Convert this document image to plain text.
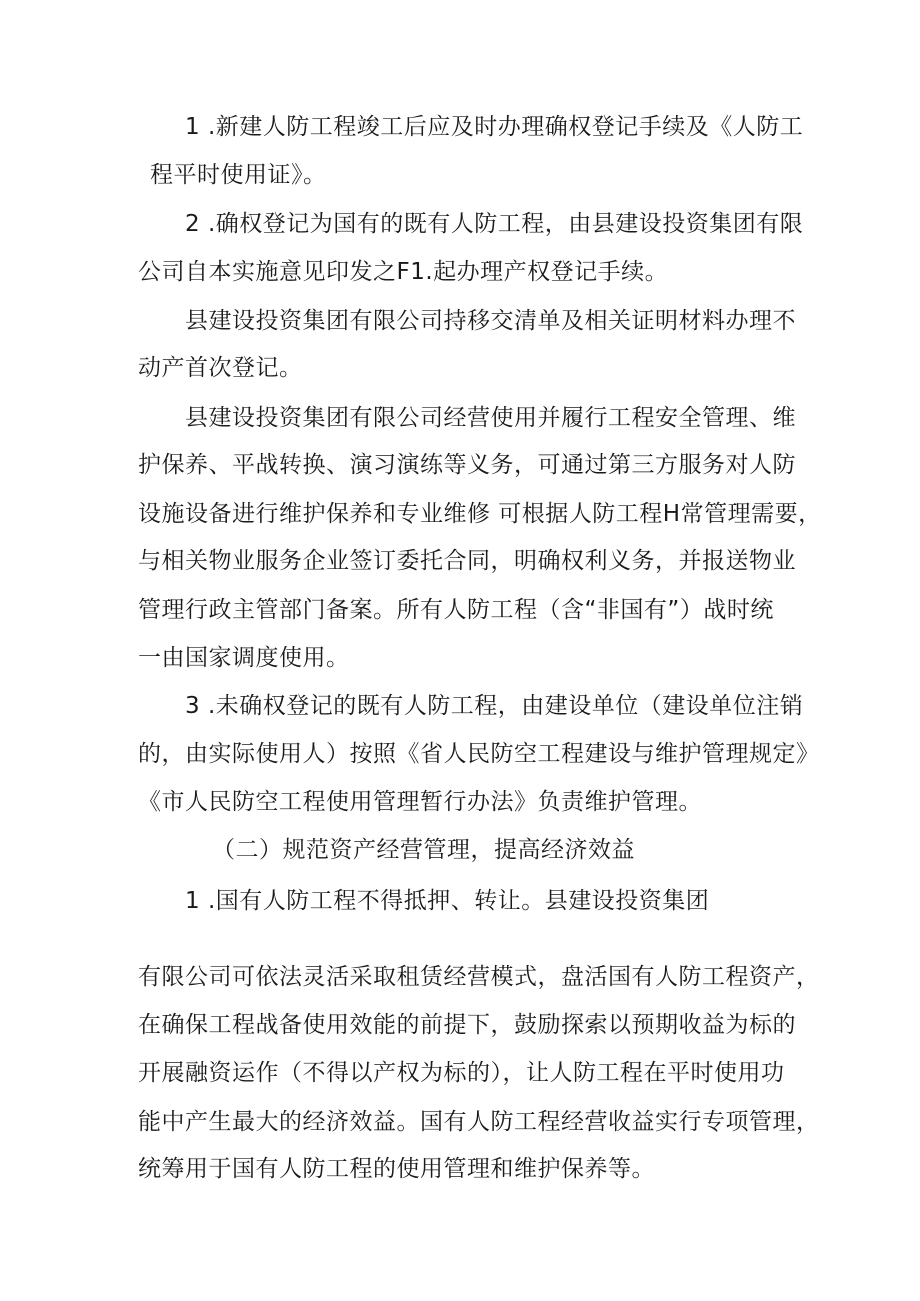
1 .新建人防工程竣工后应及时办理确权登记手续及《人防工
程平时使用证》。
2 .确权登记为国有的既有人防工程，由县建设投资集团有限
公司自本实施意见印发之F1.起办理产权登记手续。
县建设投资集团有限公司持移交清单及相关证明材料办理不
动产首次登记。
县建设投资集团有限公司经营使用并履行工程安全管理、维
护保养、平战转换、演习演练等义务，可通过第三方服务对人防
设施设备进行维护保养和专业维修 可根据人防工程H常管理需要，
与相关物业服务企业签订委托合同，明确权利义务，并报送物业
管理行政主管部门备案。所有人防工程（含“非国有”）战时统
一由国家调度使用。
3 .未确权登记的既有人防工程，由建设单位（建设单位注销
的，由实际使用人）按照《省人民防空工程建设与维护管理规定》
《市人民防空工程使用管理暂行办法》负责维护管理。
（二）规范资产经营管理，提高经济效益
1 .国有人防工程不得抵押、转让。县建设投资集团
有限公司可依法灵活采取租赁经营模式，盘活国有人防工程资产，
在确保工程战备使用效能的前提下，鼓励探索以预期收益为标的
开展融资运作（不得以产权为标的），让人防工程在平时使用功
能中产生最大的经济效益。国有人防工程经营收益实行专项管理，
统筹用于国有人防工程的使用管理和维护保养等。
